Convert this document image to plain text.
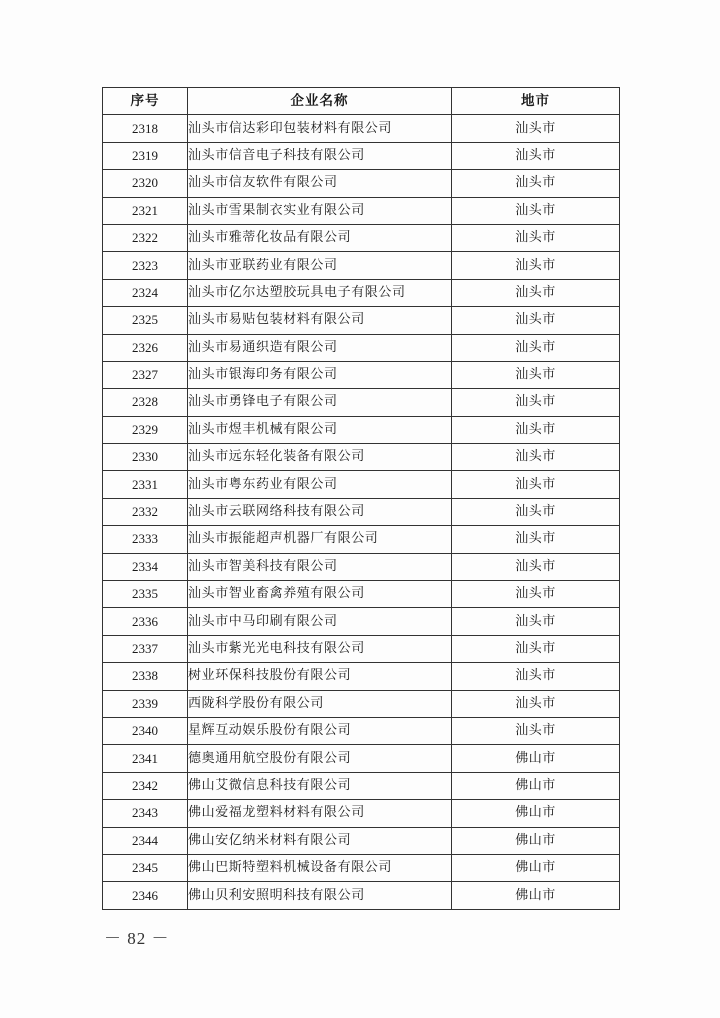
序号	企业名称	地市
2318	汕头市信达彩印包装材料有限公司	汕头市
2319	汕头市信音电子科技有限公司	汕头市
2320	汕头市信友软件有限公司	汕头市
2321	汕头市雪果制衣实业有限公司	汕头市
2322	汕头市雅蒂化妆品有限公司	汕头市
2323	汕头市亚联药业有限公司	汕头市
2324	汕头市亿尔达塑胶玩具电子有限公司	汕头市
2325	汕头市易贴包装材料有限公司	汕头市
2326	汕头市易通织造有限公司	汕头市
2327	汕头市银海印务有限公司	汕头市
2328	汕头市勇锋电子有限公司	汕头市
2329	汕头市煜丰机械有限公司	汕头市
2330	汕头市远东轻化装备有限公司	汕头市
2331	汕头市粤东药业有限公司	汕头市
2332	汕头市云联网络科技有限公司	汕头市
2333	汕头市振能超声机器厂有限公司	汕头市
2334	汕头市智美科技有限公司	汕头市
2335	汕头市智业畜禽养殖有限公司	汕头市
2336	汕头市中马印刷有限公司	汕头市
2337	汕头市紫光光电科技有限公司	汕头市
2338	树业环保科技股份有限公司	汕头市
2339	西陇科学股份有限公司	汕头市
2340	星辉互动娱乐股份有限公司	汕头市
2341	德奥通用航空股份有限公司	佛山市
2342	佛山艾微信息科技有限公司	佛山市
2343	佛山爱福龙塑料材料有限公司	佛山市
2344	佛山安亿纳米材料有限公司	佛山市
2345	佛山巴斯特塑料机械设备有限公司	佛山市
2346	佛山贝利安照明科技有限公司	佛山市
－ 82 －
